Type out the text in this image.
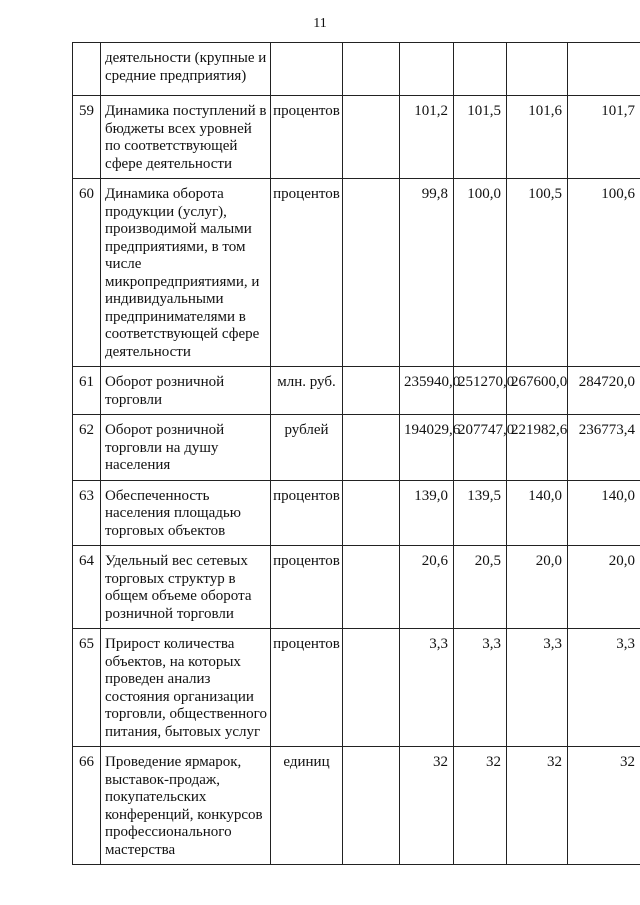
11
	деятельности (крупные и средние предприятия)						
59	Динамика поступлений в бюджеты всех уровней по соответствующей сфере деятельности	процентов		101,2	101,5	101,6	101,7
60	Динамика оборота продукции (услуг), производимой малыми предприятиями, в том числе микропредприятиями, и индивидуальными предпринимателями в соответствующей сфере деятельности	процентов		99,8	100,0	100,5	100,6
61	Оборот розничной торговли	млн. руб.		235940,0	251270,0	267600,0	284720,0
62	Оборот розничной торговли на душу населения	рублей		194029,6	207747,0	221982,6	236773,4
63	Обеспеченность населения площадью торговых объектов	процентов		139,0	139,5	140,0	140,0
64	Удельный вес сетевых торговых структур в общем объеме оборота розничной торговли	процентов		20,6	20,5	20,0	20,0
65	Прирост количества объектов, на которых проведен анализ состояния организации торговли, общественного питания, бытовых услуг	процентов		3,3	3,3	3,3	3,3
66	Проведение ярмарок, выставок-продаж, покупательских конференций, конкурсов профессионального мастерства	единиц		32	32	32	32
